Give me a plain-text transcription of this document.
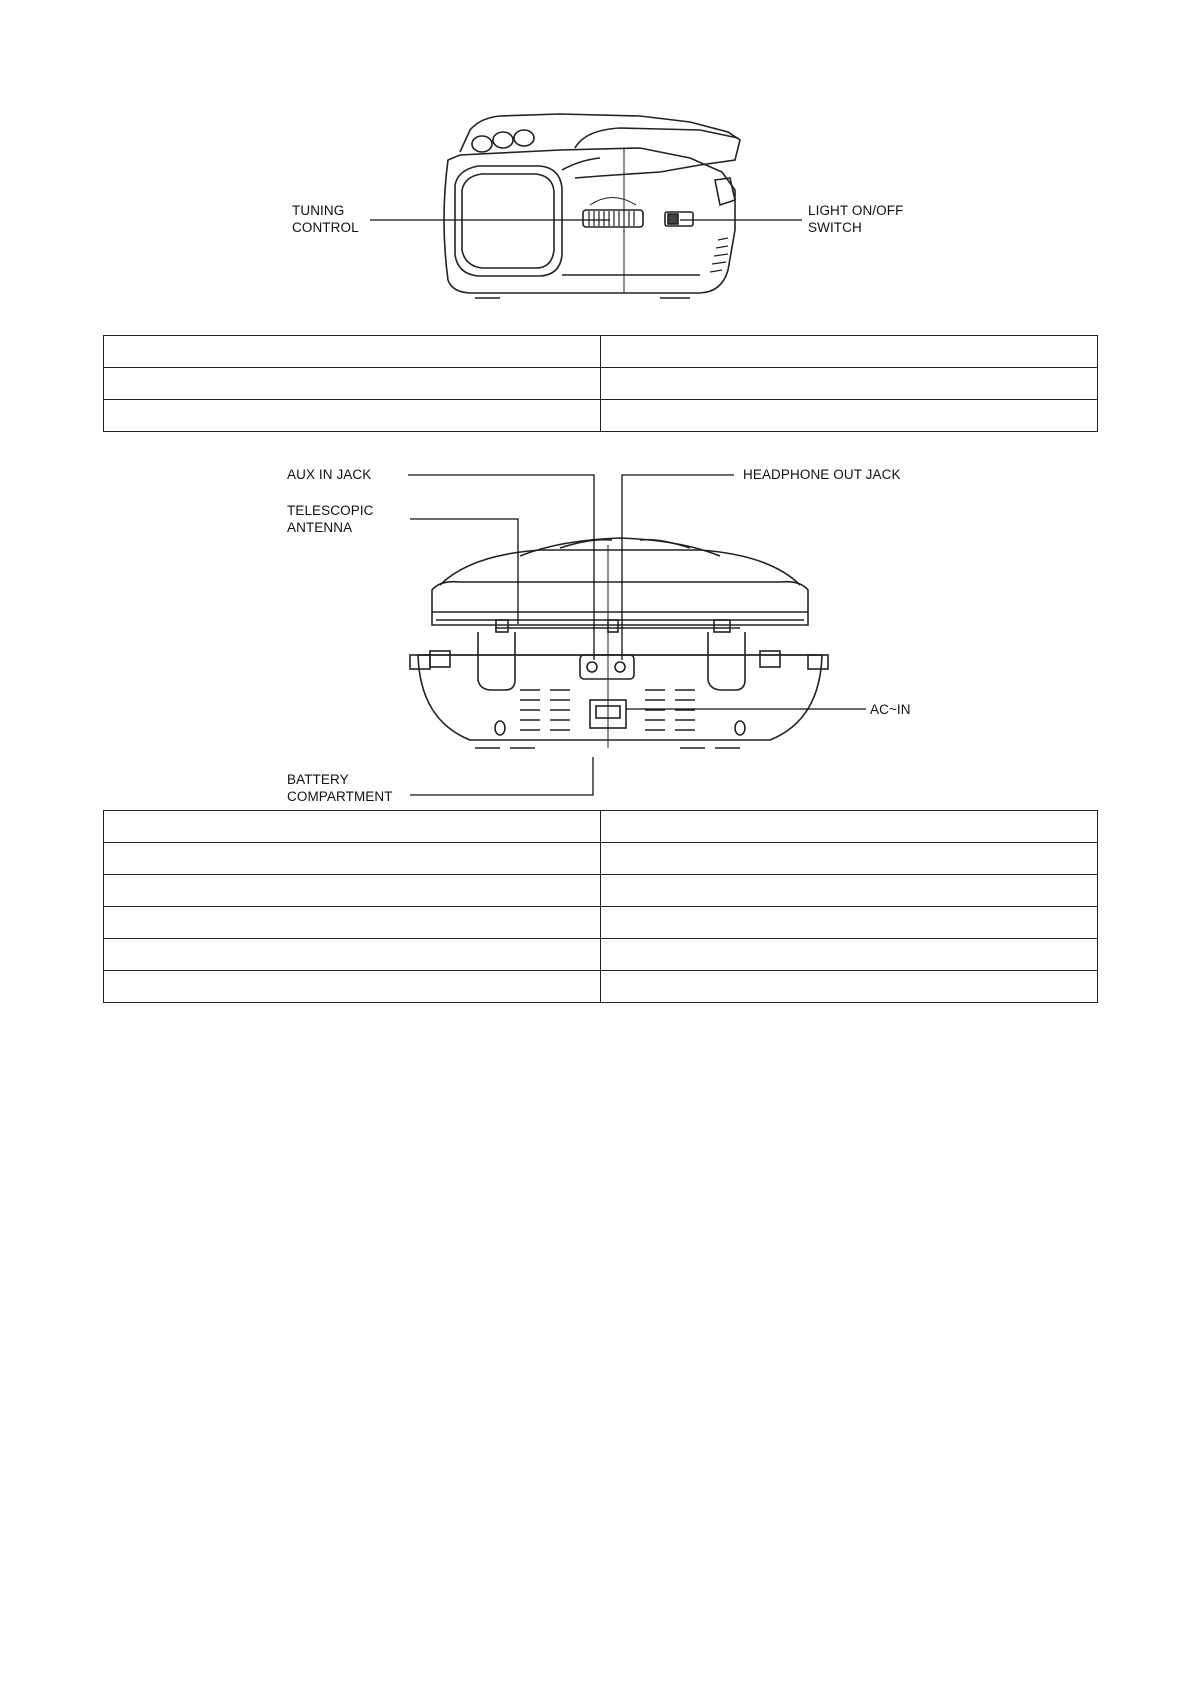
TUNING
CONTROL
LIGHT ON/OFF
SWITCH

AUX IN JACK	HEADPHONE OUT JACK
TELESCOPIC
ANTENNA
AC~IN
BATTERY
COMPARTMENT
